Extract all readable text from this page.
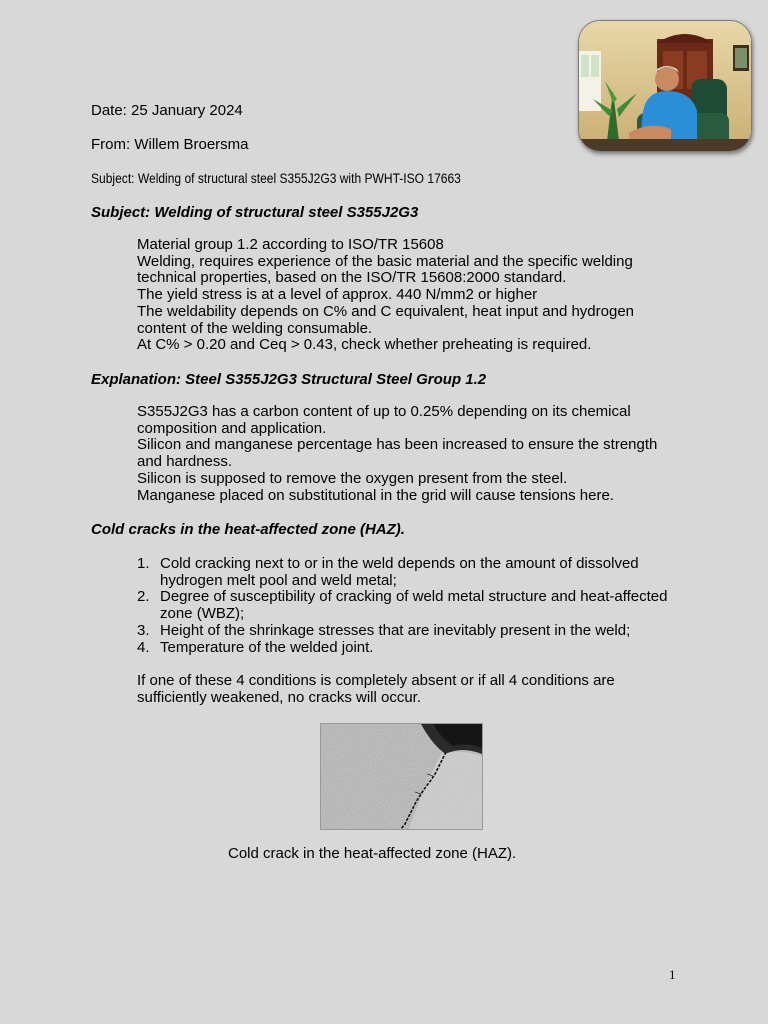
Date: 25 January 2024
From: Willem Broersma
Subject: Welding of structural steel S355J2G3 with PWHT-ISO 17663
Subject: Welding of structural steel S355J2G3
Material group 1.2 according to ISO/TR 15608
Welding, requires experience of the basic material and the specific welding technical properties, based on the ISO/TR 15608:2000 standard.
The yield stress is at a level of approx. 440 N/mm2 or higher
The weldability depends on C% and C equivalent, heat input and hydrogen content of the welding consumable.
At C% > 0.20 and Ceq > 0.43, check whether preheating is required.
Explanation: Steel S355J2G3 Structural Steel Group 1.2
S355J2G3 has a carbon content of up to 0.25% depending on its chemical composition and application.
Silicon and manganese percentage has been increased to ensure the strength and hardness.
Silicon is supposed to remove the oxygen present from the steel.
Manganese placed on substitutional in the grid will cause tensions here.
Cold cracks in the heat-affected zone (HAZ).
1. Cold cracking next to or in the weld depends on the amount of dissolved hydrogen melt pool and weld metal;
2. Degree of susceptibility of cracking of weld metal structure and heat-affected zone (WBZ);
3. Height of the shrinkage stresses that are inevitably present in the weld;
4. Temperature of the welded joint.
If one of these 4 conditions is completely absent or if all 4 conditions are sufficiently weakened, no cracks will occur.
Cold crack in the heat-affected zone (HAZ).
1
